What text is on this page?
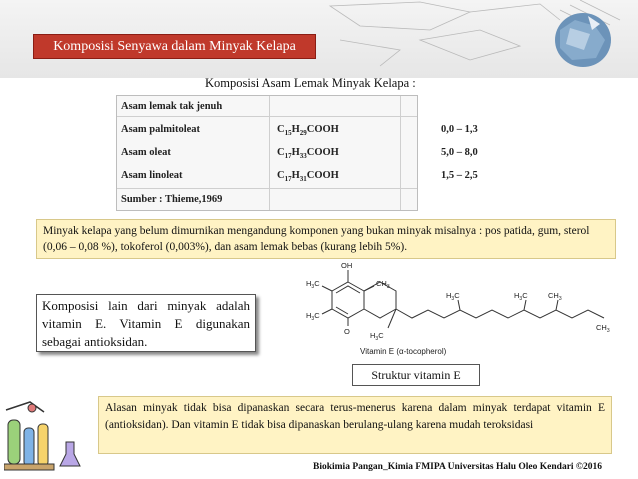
Komposisi Senyawa dalam Minyak Kelapa
Komposisi Asam Lemak Minyak Kelapa :
Asam lemak tak jenuh
Asam palmitoleat	$C_{15}H_{29}COOH$	0,0 – 1,3
Asam oleat	$C_{17}H_{33}COOH$	5,0 – 8,0
Asam linoleat	$C_{17}H_{31}COOH$	1,5 – 2,5
Sumber : Thieme,1969
Minyak kelapa yang belum dimurnikan mengandung komponen yang bukan minyak misalnya : pos patida, gum, sterol (0,06 – 0,08 %), tokoferol (0,003%), dan asam lemak bebas (kurang lebih 5%).
Komposisi lain dari minyak adalah vitamin E. Vitamin E digunakan sebagai antioksidan.
OH
$H_3C$	$CH_3$
$H_3C$
O	$H_3C$
$H_3C$	$H_3C$	$CH_3$
$CH_3$
Vitamin E (α-tocopherol)
Struktur vitamin E
Alasan minyak tidak bisa dipanaskan secara terus-menerus karena dalam minyak terdapat vitamin E (antioksidan). Dan vitamin E tidak bisa dipanaskan berulang-ulang karena mudah teroksidasi
Biokimia Pangan_Kimia FMIPA Universitas Halu Oleo Kendari ©2016
